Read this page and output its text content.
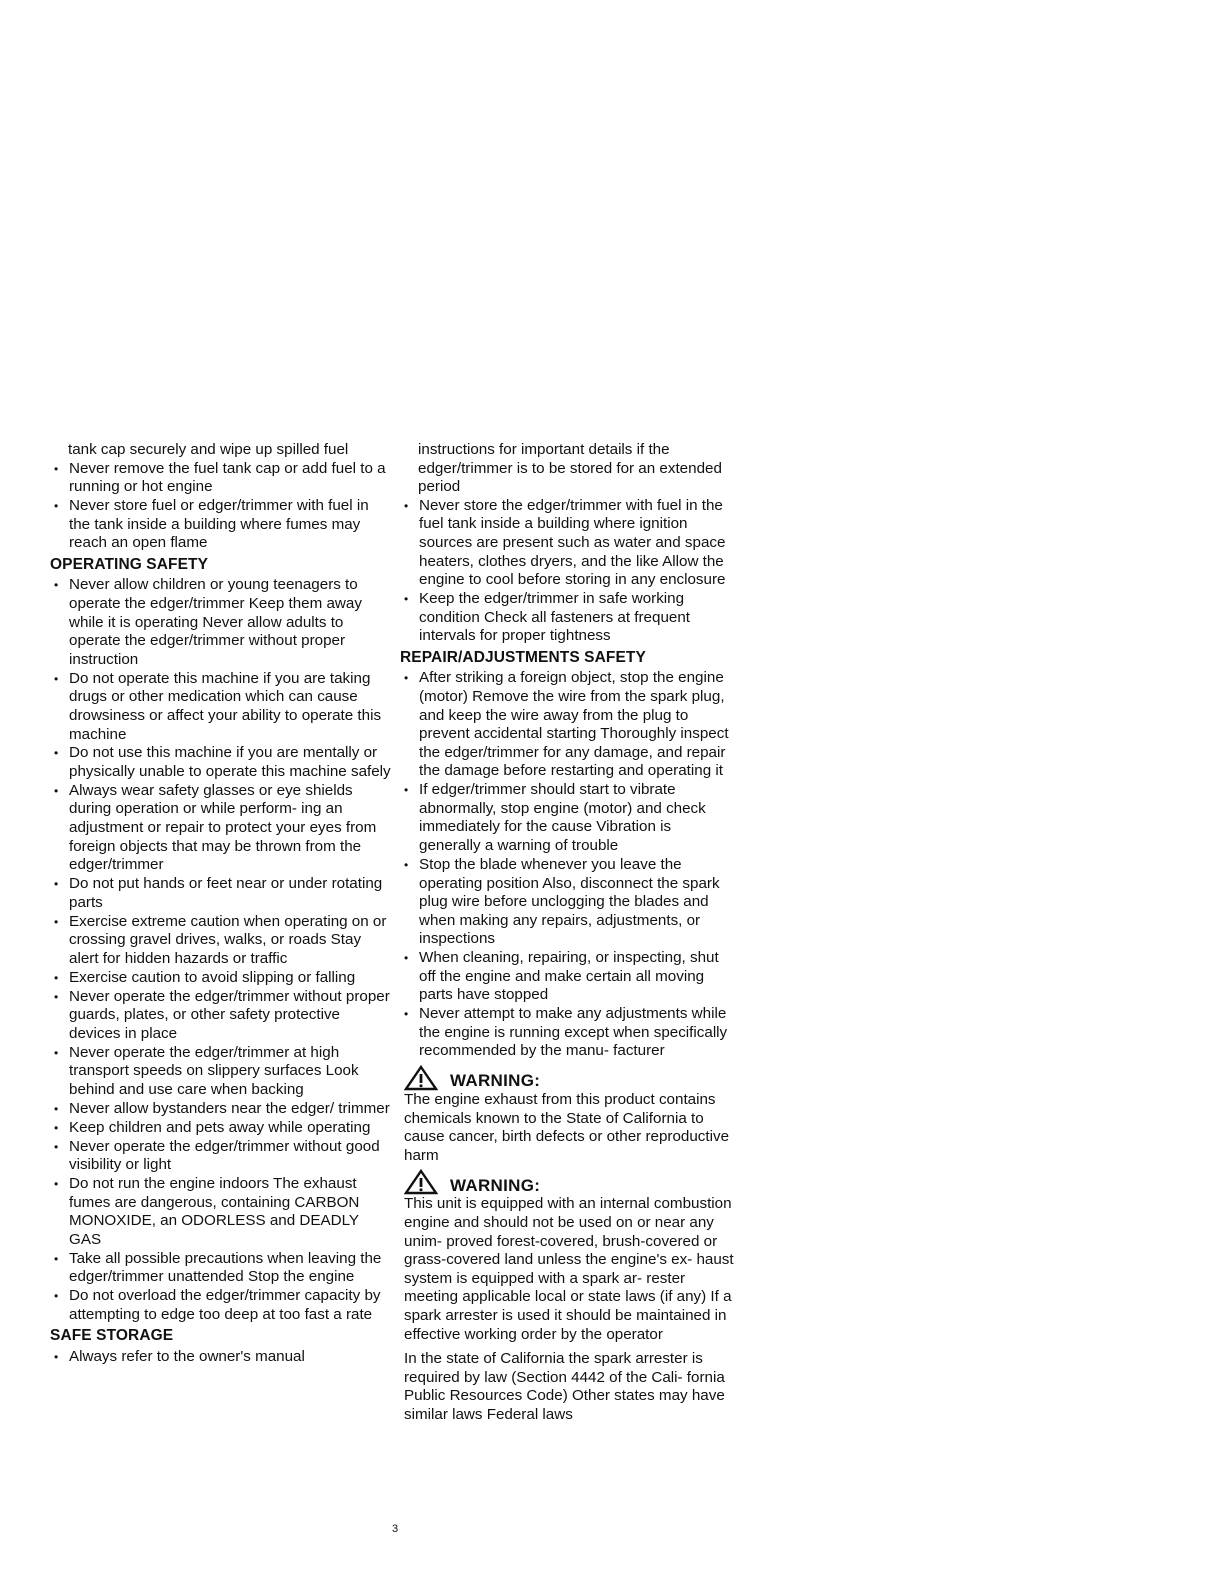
tank cap securely and wipe up spilled fuel

• Never remove the fuel tank cap or add fuel to a running or hot engine
• Never store fuel or edger/trimmer with fuel in the tank inside a building where fumes may reach an open flame
OPERATING SAFETY
• Never allow children or young teenagers to operate the edger/trimmer Keep them away while it is operating Never allow adults to operate the edger/trimmer without proper instruction
• Do not operate this machine if you are taking drugs or other medication which can cause drowsiness or affect your ability to operate this machine
• Do not use this machine if you are mentally or physically unable to operate this machine safely
• Always wear safety glasses or eye shields during operation or while perform- ing an adjustment or repair to protect your eyes from foreign objects that may be thrown from the edger/trimmer
• Do not put hands or feet near or under rotating parts
• Exercise extreme caution when operating on or crossing gravel drives, walks, or roads Stay alert for hidden hazards or traffic
• Exercise caution to avoid slipping or falling
• Never operate the edger/trimmer without proper guards, plates, or other safety protective devices in place
• Never operate the edger/trimmer at high transport speeds on slippery surfaces Look behind and use care when backing
• Never allow bystanders near the edger/ trimmer
• Keep children and pets away while operating
• Never operate the edger/trimmer without good visibility or light
• Do not run the engine indoors The exhaust fumes are dangerous, containing CARBON MONOXIDE, an ODORLESS and DEADLY GAS
• Take all possible precautions when leaving the edger/trimmer unattended Stop the engine
• Do not overload the edger/trimmer capacity by attempting to edge too deep at too fast a rate
SAFE STORAGE
• Always refer to the owner's manual

instructions for important details if the edger/trimmer is to be stored for an extended period

• Never store the edger/trimmer with fuel in the fuel tank inside a building where ignition sources are present such as water and space heaters, clothes dryers, and the like Allow the engine to cool before storing in any enclosure
• Keep the edger/trimmer in safe working condition Check all fasteners at frequent intervals for proper tightness
REPAIR/ADJUSTMENTS SAFETY
• After striking a foreign object, stop the engine (motor) Remove the wire from the spark plug, and keep the wire away from the plug to prevent accidental starting Thoroughly inspect the edger/trimmer for any damage, and repair the damage before restarting and operating it
• If edger/trimmer should start to vibrate abnormally, stop engine (motor) and check immediately for the cause Vibration is generally a warning of trouble
• Stop the blade whenever you leave the operating position Also, disconnect the spark plug wire before unclogging the blades and when making any repairs, adjustments, or inspections
• When cleaning, repairing, or inspecting, shut off the engine and make certain all moving parts have stopped
• Never attempt to make any adjustments while the engine is running except when specifically recommended by the manu- facturer
WARNING:
The engine exhaust from this product contains chemicals known to the State of California to cause cancer, birth defects or other reproductive harm
WARNING:
This unit is equipped with an internal combustion engine and should not be used on or near any unim- proved forest-covered, brush-covered or grass-covered land unless the engine's ex- haust system is equipped with a spark ar- rester meeting applicable local or state laws (if any) If a spark arrester is used it should be maintained in effective working order by the operator

In the state of California the spark arrester is required by law (Section 4442 of the Cali- fornia Public Resources Code) Other states may have similar laws Federal laws

3
